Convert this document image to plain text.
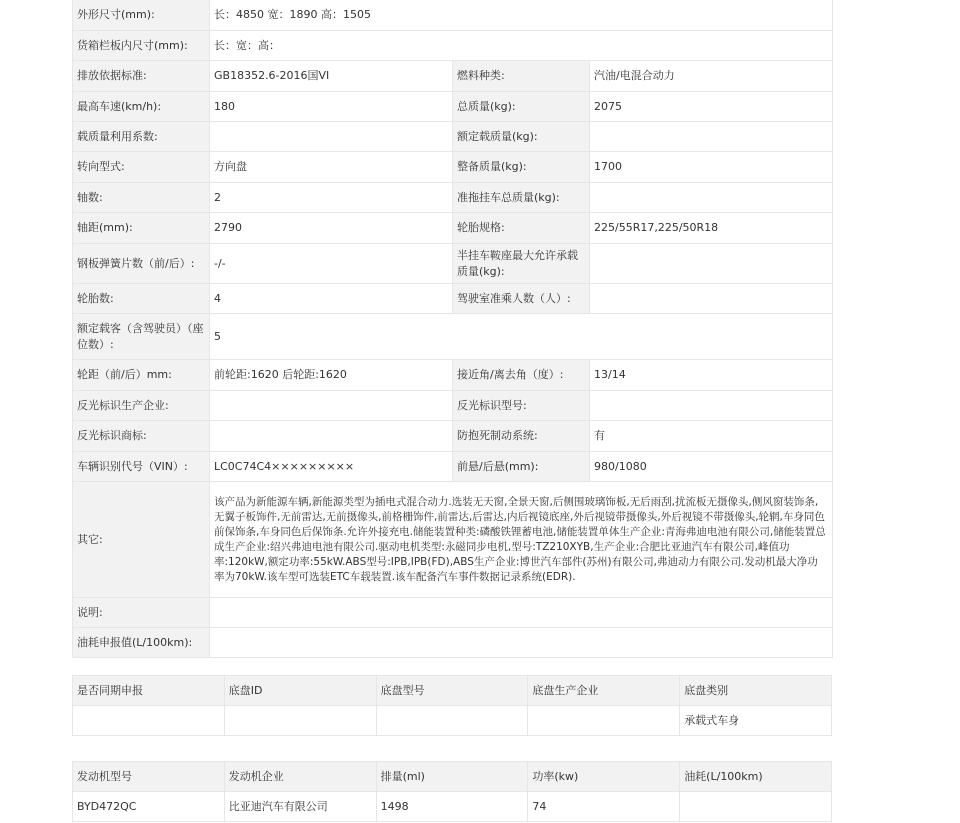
外形尺寸(mm):	长：4850 宽：1890 高：1505		
货箱栏板内尺寸(mm):	长：宽：高：		
排放依据标准:	GB18352.6-2016国VI	燃料种类:	汽油/电混合动力
最高车速(km/h):	180	总质量(kg):	2075
载质量利用系数:		额定载质量(kg):	
转向型式:	方向盘	整备质量(kg):	1700
轴数:	2	准拖挂车总质量(kg):	
轴距(mm):	2790	轮胎规格:	225/55R17,225/50R18
钢板弹簧片数（前/后）:	-/-	半挂车鞍座最大允许承载质量(kg):	
轮胎数:	4	驾驶室准乘人数（人）:	
额定载客（含驾驶员）（座位数）:	5		
轮距（前/后）mm:	前轮距:1620 后轮距:1620	接近角/离去角（度）:	13/14
反光标识生产企业:		反光标识型号:	
反光标识商标:		防抱死制动系统:	有
车辆识别代号（VIN）:	LC0C74C4×××××××××	前悬/后悬(mm):	980/1080
其它:	该产品为新能源车辆,新能源类型为插电式混合动力.选装无天窗,全景天窗,后侧围玻璃饰板,无后雨刮,扰流板无摄像头,侧风窗装饰条,无翼子板饰件,无前雷达,无前摄像头,前格栅饰件,前雷达,后雷达,内后视镜底座,外后视镜带摄像头,外后视镜不带摄像头,轮辋,车身同色前保饰条,车身同色后保饰条.允许外接充电.储能装置种类:磷酸铁锂蓄电池,储能装置单体生产企业:青海弗迪电池有限公司,储能装置总成生产企业:绍兴弗迪电池有限公司.驱动电机类型:永磁同步电机,型号:TZ210XYB,生产企业:合肥比亚迪汽车有限公司,峰值功率:120kW,额定功率:55kW.ABS型号:IPB,IPB(FD),ABS生产企业:博世汽车部件(苏州)有限公司,弗迪动力有限公司.发动机最大净功率为70kW.该车型可选装ETC车载装置.该车配备汽车事件数据记录系统(EDR).		
说明:			
油耗申报值(L/100km):			
是否同期申报	底盘ID	底盘型号	底盘生产企业	底盘类别
				承载式车身
发动机型号	发动机企业	排量(ml)	功率(kw)	油耗(L/100km)
BYD472QC	比亚迪汽车有限公司	1498	74	
